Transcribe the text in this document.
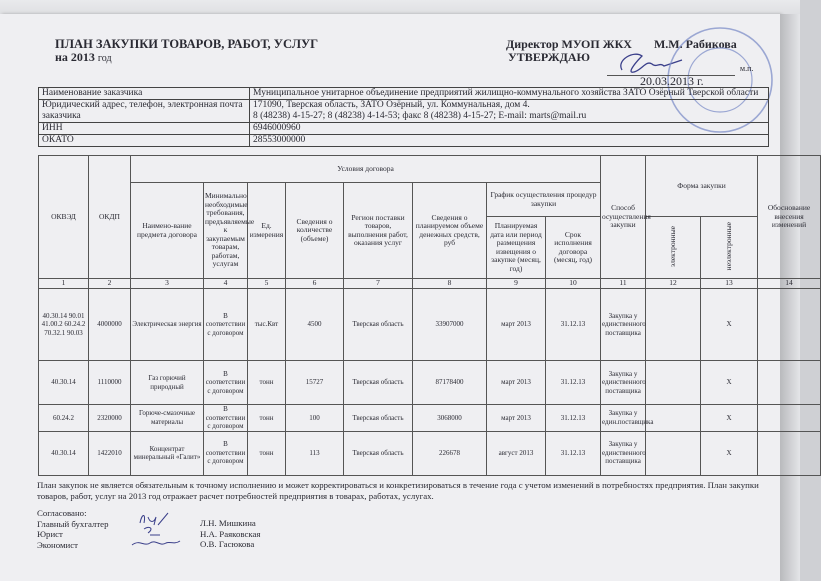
ПЛАН ЗАКУПКИ ТОВАРОВ, РАБОТ, УСЛУГ
на 2013 год
Директор МУОП ЖКХ М.М. Рабикова
УТВЕРЖДАЮ
м.п.
20.03.2013 г.
Наименование заказчика	Муниципальное унитарное объединение предприятий жилищно-коммунального хозяйства ЗАТО Озёрный Тверской области
Юридический адрес, телефон, электронная почта заказчика	171090, Тверская область, ЗАТО Озёрный, ул. Коммунальная, дом 4.
8 (48238) 4-15-27; 8 (48238) 4-14-53; факс 8 (48238) 4-15-27; E-mail: marts@mail.ru

ИНН	6946000960
ОКАТО	28553000000
ОКВЭД	ОКДП	Условия договора								Способ осуществления закупки	Форма закупки		Обоснование внесения изменений
		Наимено-вание предмета договора	Минимально необходимые требования, предъявляемые к закупаемым товарам, работам, услугам	Ед. измерения	Сведения о количестве (объеме)	Регион поставки товаров, выполнения работ, оказания услуг	Сведения о планируемом объеме денежных средств, руб	График осуществления процедур закупки					
								Планируемая дата или период размещения извещения о закупке (месяц, год)	Срок исполнения договора (месяц, год)		электронные	неэлектронные	
1	2	3	4	5	6	7	8	9	10	11	12	13	14
40.30.14 90.01 41.00.2 60.24.2 70.32.1 90.03	4000000	Электрическая энергия	В соответствии с договором	тыс.Квт	4500	Тверская область	33907000	март 2013	31.12.13	Закупка у единственного поставщика		Х	
40.30.14	1110000	Газ горючий природный	В соответствии с договором	тонн	15727	Тверская область	87178400	март 2013	31.12.13	Закупка у единственного поставщика		Х	
60.24.2	2320000	Горюче-смазочные материалы	В соответствии с договором	тонн	100	Тверская область	3068000	март 2013	31.12.13	Закупка у един.поставщика		Х	
40.30.14	1422010	Концентрат минеральный «Галит»	В соответствии с договором	тонн	113	Тверская область	226678	август 2013	31.12.13	Закупка у единственного поставщика		Х	
План закупок не является обязательным к точному исполнению и может корректироваться и конкретизироваться в течение года с учетом изменений в потребностях предприятия. План закупки товаров, работ, услуг на 2013 год отражает расчет потребностей предприятия в товарах, работах, услугах.
Согласовано:
Главный бухгалтер
Юрист
Экономист
Л.Н. Мишкина
Н.А. Раяковская
О.В. Гасюкова
